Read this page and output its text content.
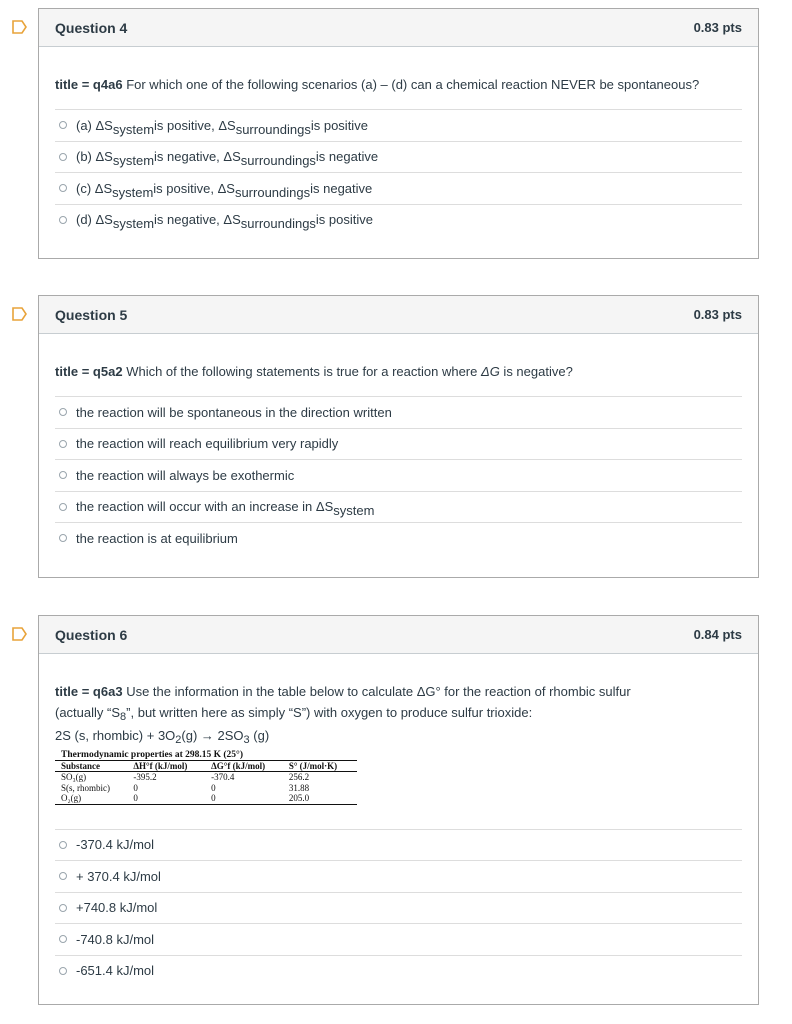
Question 4	0.83 pts
title = q4a6 For which one of the following scenarios (a) – (d) can a chemical reaction NEVER be spontaneous?
(a) ΔS system is positive, ΔS surroundings is positive
(b) ΔS system is negative, ΔS surroundings is negative
(c) ΔS system is positive, ΔS surroundings is negative
(d) ΔS system is negative, ΔS surroundings is positive
Question 5	0.83 pts
title = q5a2 Which of the following statements is true for a reaction where ΔG is negative?
the reaction will be spontaneous in the direction written
the reaction will reach equilibrium very rapidly
the reaction will always be exothermic
the reaction will occur with an increase in ΔS system
the reaction is at equilibrium
Question 6	0.84 pts
title = q6a3 Use the information in the table below to calculate ΔG° for the reaction of rhombic sulfur
(actually “$S_8$”, but written here as simply “S”) with oxygen to produce sulfur trioxide:
2S (s, rhombic) + $3O_2(g) \to 2SO_3$ (g)
Thermodynamic properties at 298.15 K (25°)
Substance	ΔH°f (kJ/mol)	ΔG°f (kJ/mol)	S° (J/mol·K)
SO₃(g)	-395.2	-370.4	256.2
S(s, rhombic)	0	0	31.88
O₂(g)	0	0	205.0
-370.4 kJ/mol
+ 370.4 kJ/mol
+740.8 kJ/mol
-740.8 kJ/mol
-651.4 kJ/mol
